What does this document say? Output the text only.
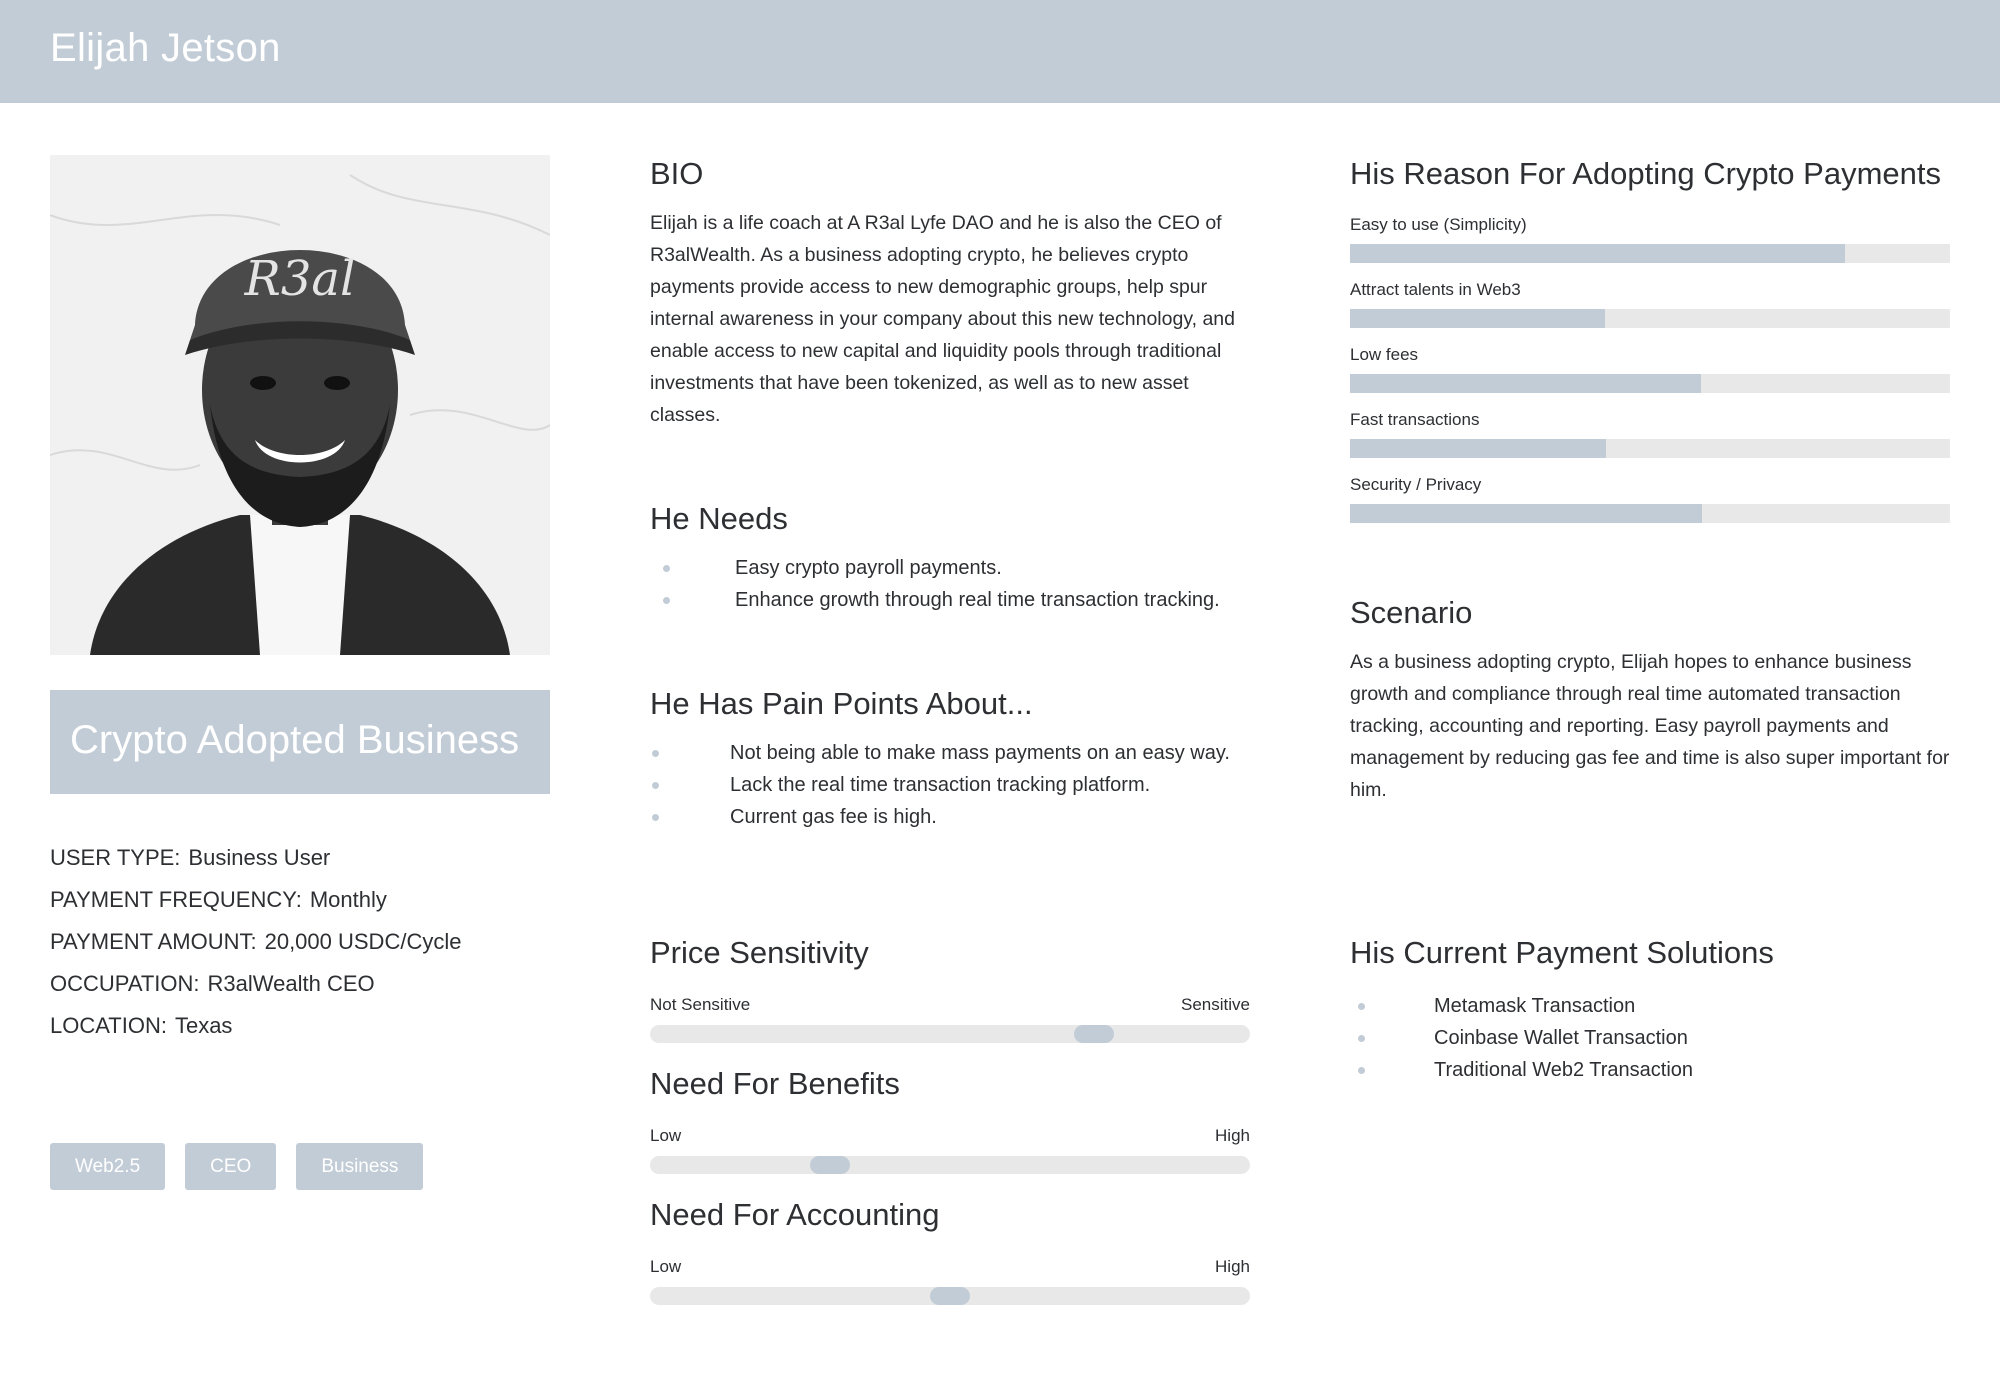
Elijah Jetson
R3al
Crypto Adopted Business
USER TYPE: Business User
PAYMENT FREQUENCY: Monthly
PAYMENT AMOUNT: 20,000 USDC/Cycle
OCCUPATION: R3alWealth CEO
LOCATION: Texas
Web2.5	CEO	Business
BIO
Elijah is a life coach at A R3al Lyfe DAO and he is also the CEO of R3alWealth. As a business adopting crypto, he believes crypto payments provide access to new demographic groups, help spur internal awareness in your company about this new technology, and enable access to new capital and liquidity pools through traditional investments that have been tokenized, as well as to new asset classes.
He Needs
Easy crypto payroll payments.
Enhance growth through real time transaction tracking.
He Has Pain Points About...
Not being able to make mass payments on an easy way.
Lack the real time transaction tracking platform.
Current gas fee is high.
Price Sensitivity
Not Sensitive	Sensitive
Need For Benefits
Low	High
Need For Accounting
Low	High
His Reason For Adopting Crypto Payments
Easy to use (Simplicity)
Attract talents in Web3
Low fees
Fast transactions
Security / Privacy
Scenario
As a business adopting crypto, Elijah hopes to enhance business growth and compliance through real time automated transaction tracking, accounting and reporting. Easy payroll payments and management by reducing gas fee and time is also super important for him.
His Current Payment Solutions
Metamask Transaction
Coinbase Wallet Transaction
Traditional Web2 Transaction
